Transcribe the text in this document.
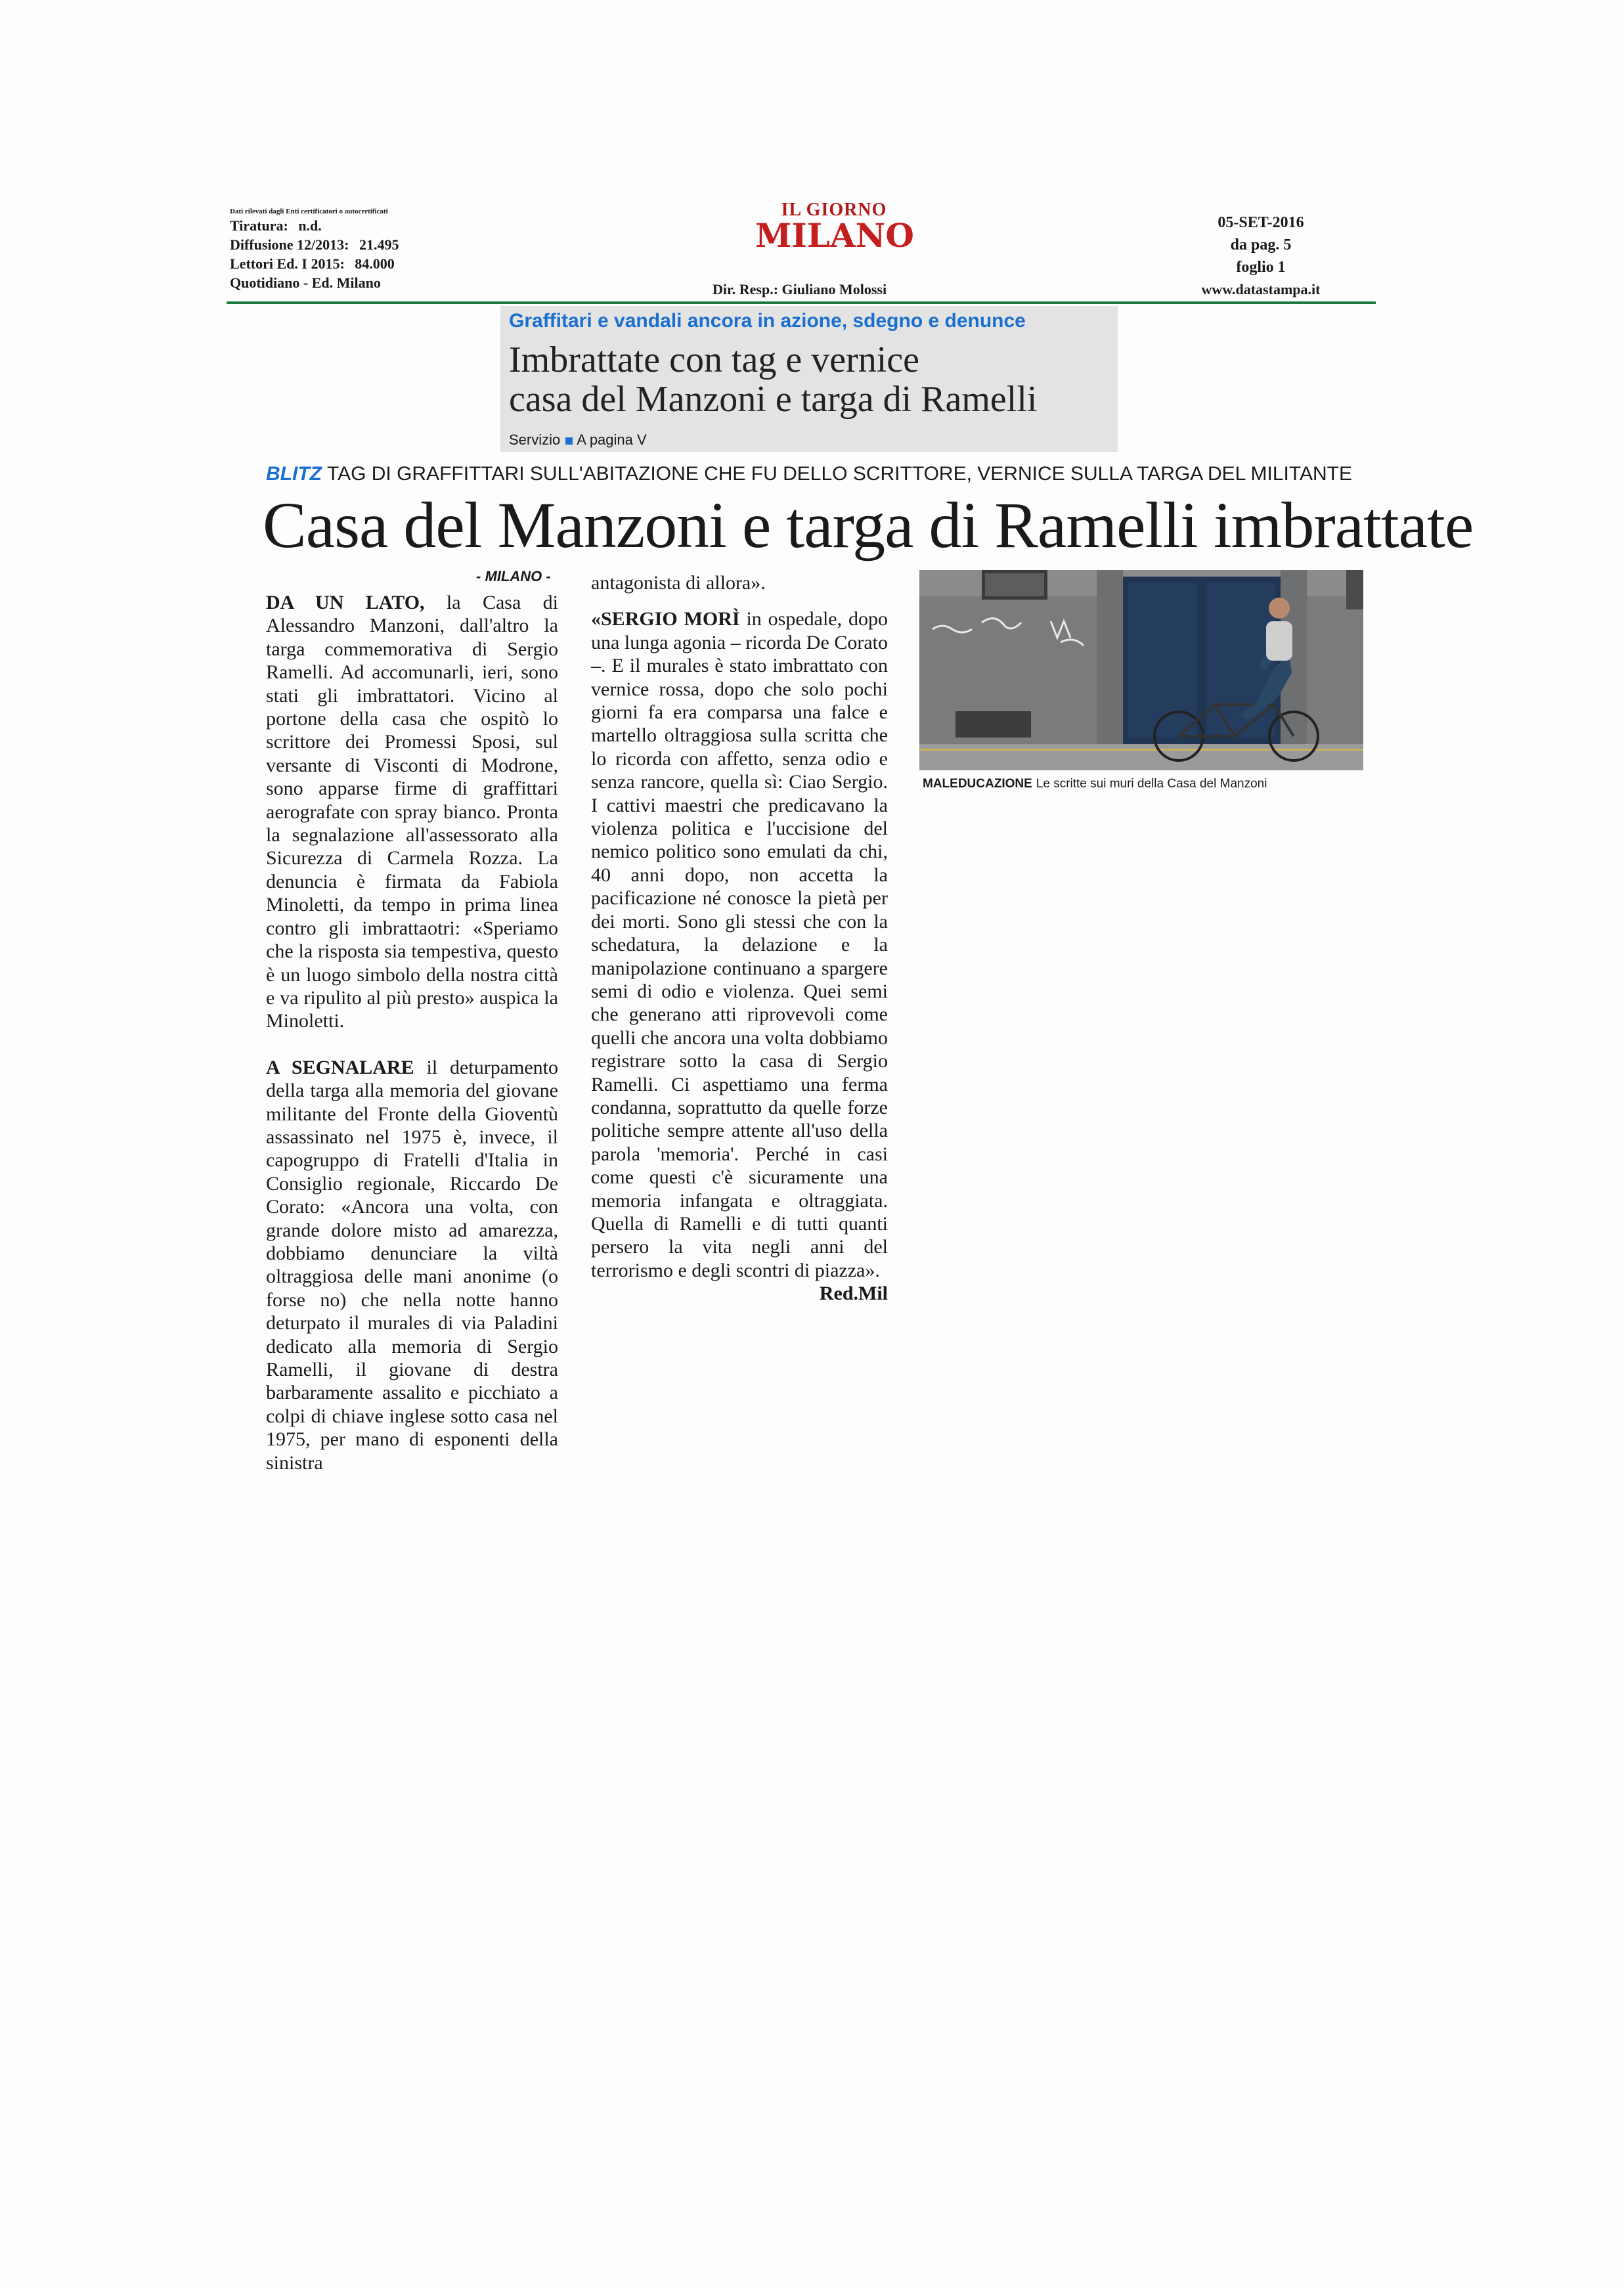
Dati rilevati dagli Enti certificatori o autocertificati
Tiratura: n.d.
Diffusione 12/2013: 21.495
Lettori Ed. I 2015: 84.000
Quotidiano - Ed. Milano
IL GIORNO
MILANO
Dir. Resp.: Giuliano Molossi
05-SET-2016
da pag. 5
foglio 1
www.datastampa.it
Graffitari e vandali ancora in azione, sdegno e denunce
Imbrattate con tag e vernice
casa del Manzoni e targa di Ramelli
Servizio A pagina V
BLITZ TAG DI GRAFFITTARI SULL'ABITAZIONE CHE FU DELLO SCRITTORE, VERNICE SULLA TARGA DEL MILITANTE
Casa del Manzoni e targa di Ramelli imbrattate
- MILANO -

DA UN LATO, la Casa di Alessandro Manzoni, dall'altro la targa commemorativa di Sergio Ramelli. Ad accomunarli, ieri, sono stati gli imbrattatori. Vicino al portone della casa che ospitò lo scrittore dei Promessi Sposi, sul versante di Visconti di Modrone, sono apparse firme di graffittari aerografate con spray bianco. Pronta la segnalazione all'assessorato alla Sicurezza di Carmela Rozza. La denuncia è firmata da Fabiola Minoletti, da tempo in prima linea contro gli imbrattaotri: «Speriamo che la risposta sia tempestiva, questo è un luogo simbolo della nostra città e va ripulito al più presto» auspica la Minoletti.

A SEGNALARE il deturpamento della targa alla memoria del giovane militante del Fronte della Gioventù assassinato nel 1975 è, invece, il capogruppo di Fratelli d'Italia in Consiglio regionale, Riccardo De Corato: «Ancora una volta, con grande dolore misto ad amarezza, dobbiamo denunciare la viltà oltraggiosa delle mani anonime (o forse no) che nella notte hanno deturpato il murales di via Paladini dedicato alla memoria di Sergio Ramelli, il giovane di destra barbaramente assalito e picchiato a colpi di chiave inglese sotto casa nel 1975, per mano di esponenti della sinistra

antagonista di allora».

«SERGIO MORÌ in ospedale, dopo una lunga agonia – ricorda De Corato –. E il murales è stato imbrattato con vernice rossa, dopo che solo pochi giorni fa era comparsa una falce e martello oltraggiosa sulla scritta che lo ricorda con affetto, senza odio e senza rancore, quella sì: Ciao Sergio. I cattivi maestri che predicavano la violenza politica e l'uccisione del nemico politico sono emulati da chi, 40 anni dopo, non accetta la pacificazione né conosce la pietà per dei morti. Sono gli stessi che con la schedatura, la delazione e la manipolazione continuano a spargere semi di odio e violenza. Quei semi che generano atti riprovevoli come quelli che ancora una volta dobbiamo registrare sotto la casa di Sergio Ramelli. Ci aspettiamo una ferma condanna, soprattutto da quelle forze politiche sempre attente all'uso della parola 'memoria'. Perché in casi come questi c'è sicuramente una memoria infangata e oltraggiata. Quella di Ramelli e di tutti quanti persero la vita negli anni del terrorismo e degli scontri di piazza».
Red.Mil

MALEDUCAZIONE Le scritte sui muri della Casa del Manzoni
